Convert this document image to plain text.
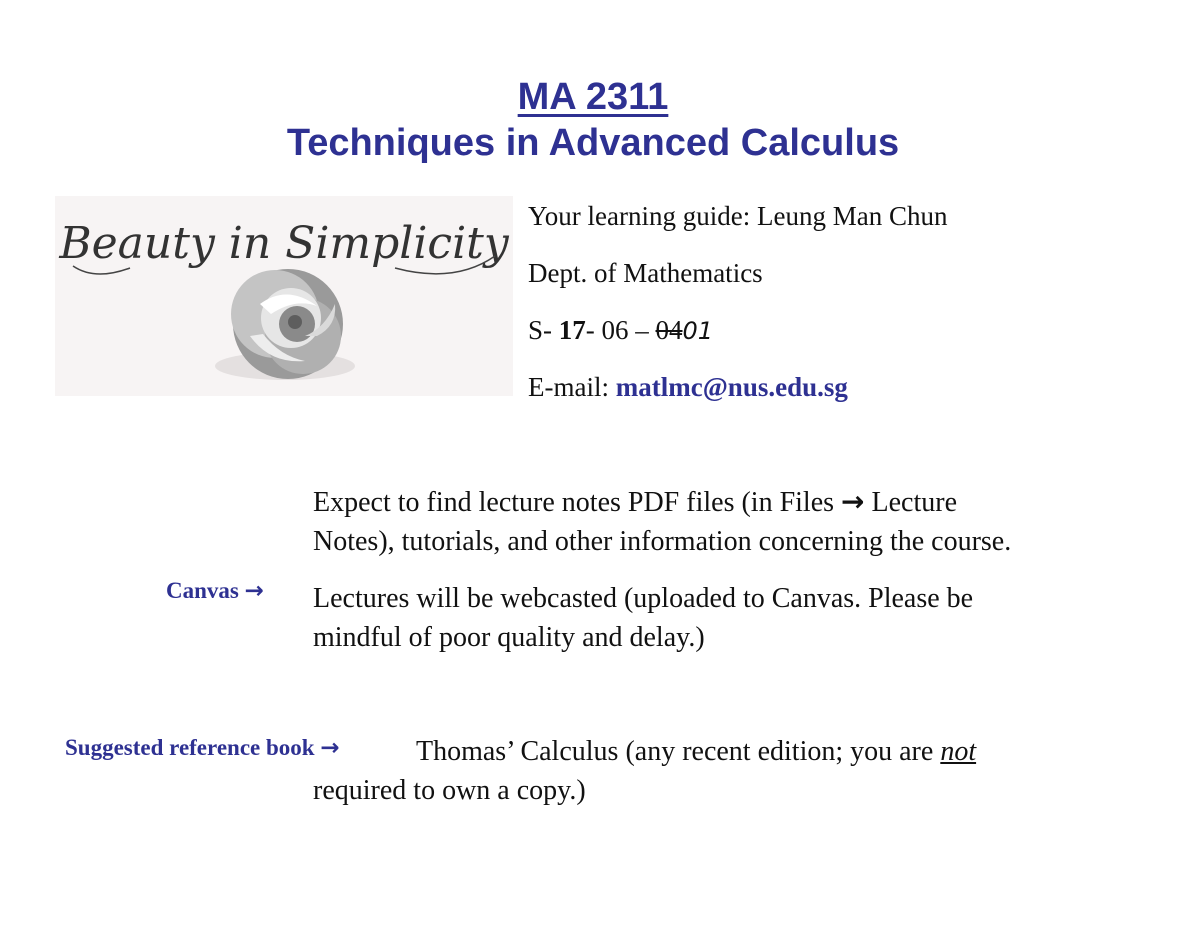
MA 2311
Techniques in Advanced Calculus
Beauty in Simplicity
Your learning guide: Leung Man Chun
Dept. of Mathematics
S- 17- 06 – 0401
E-mail: matlmc@nus.edu.sg
Expect to find lecture notes PDF files (in Files → Lecture
Notes), tutorials, and other information concerning the course.
Canvas → Lectures will be webcasted (uploaded to Canvas. Please be
mindful of poor quality and delay.)
Suggested reference book →	Thomas’ Calculus (any recent edition; you are not
required to own a copy.)
